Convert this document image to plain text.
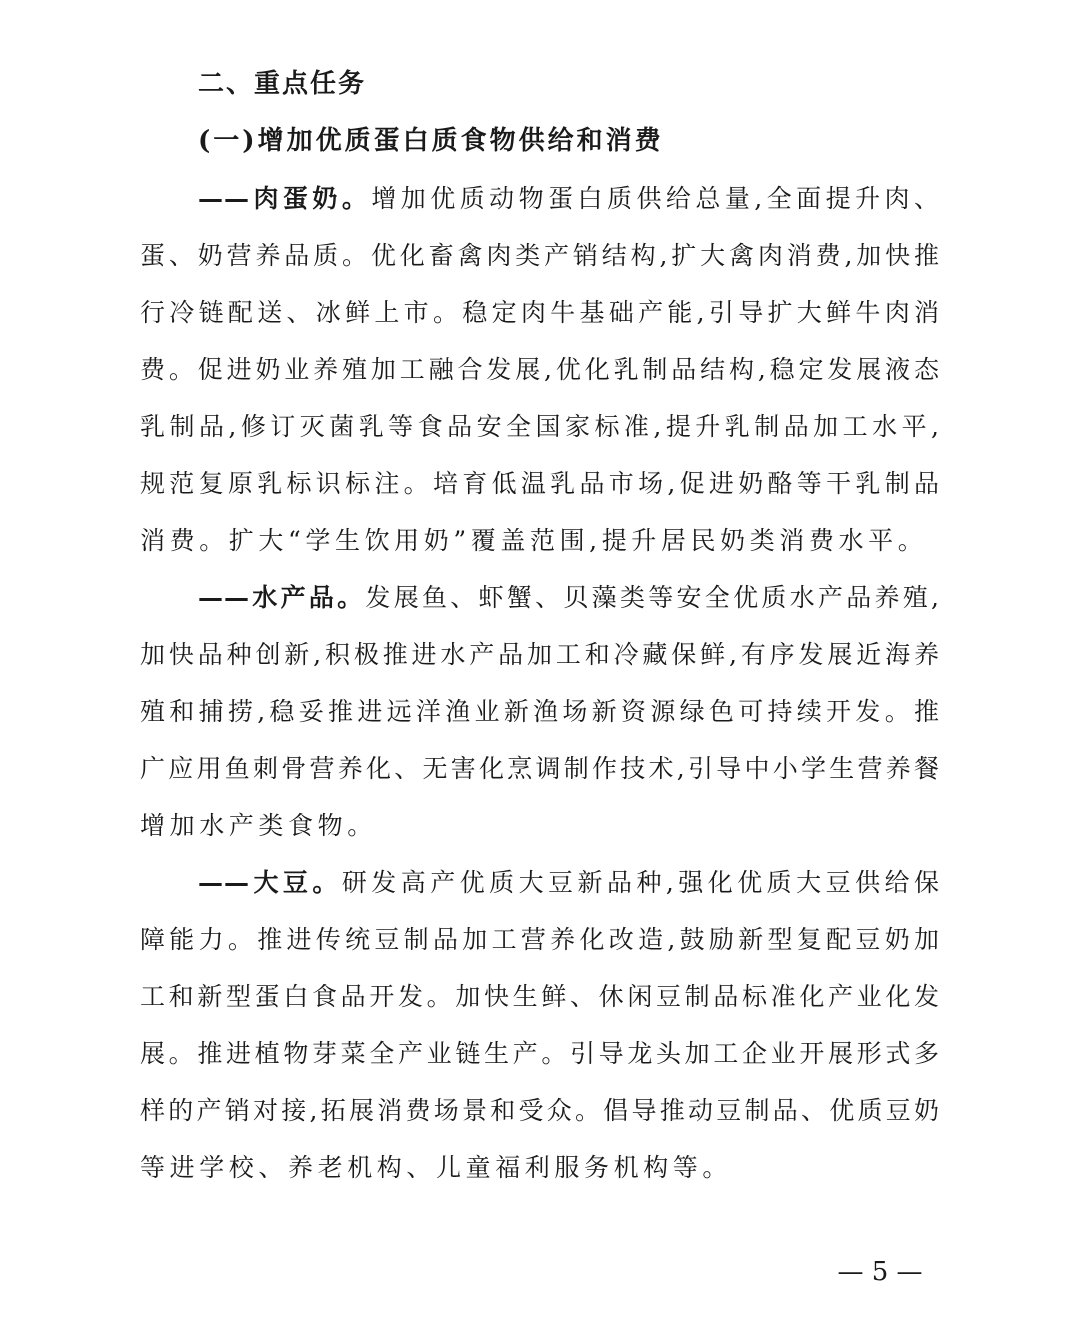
二、重点任务
(一)增加优质蛋白质食物供给和消费
——肉蛋奶。增加优质动物蛋白质供给总量,全面提升肉、
蛋、奶营养品质。优化畜禽肉类产销结构,扩大禽肉消费,加快推
行冷链配送、冰鲜上市。稳定肉牛基础产能,引导扩大鲜牛肉消
费。促进奶业养殖加工融合发展,优化乳制品结构,稳定发展液态
乳制品,修订灭菌乳等食品安全国家标准,提升乳制品加工水平,
规范复原乳标识标注。培育低温乳品市场,促进奶酪等干乳制品
消费。扩大“学生饮用奶”覆盖范围,提升居民奶类消费水平。
——水产品。发展鱼、虾蟹、贝藻类等安全优质水产品养殖,
加快品种创新,积极推进水产品加工和冷藏保鲜,有序发展近海养
殖和捕捞,稳妥推进远洋渔业新渔场新资源绿色可持续开发。推
广应用鱼刺骨营养化、无害化烹调制作技术,引导中小学生营养餐
增加水产类食物。
——大豆。研发高产优质大豆新品种,强化优质大豆供给保
障能力。推进传统豆制品加工营养化改造,鼓励新型复配豆奶加
工和新型蛋白食品开发。加快生鲜、休闲豆制品标准化产业化发
展。推进植物芽菜全产业链生产。引导龙头加工企业开展形式多
样的产销对接,拓展消费场景和受众。倡导推动豆制品、优质豆奶
等进学校、养老机构、儿童福利服务机构等。
— 5 —
